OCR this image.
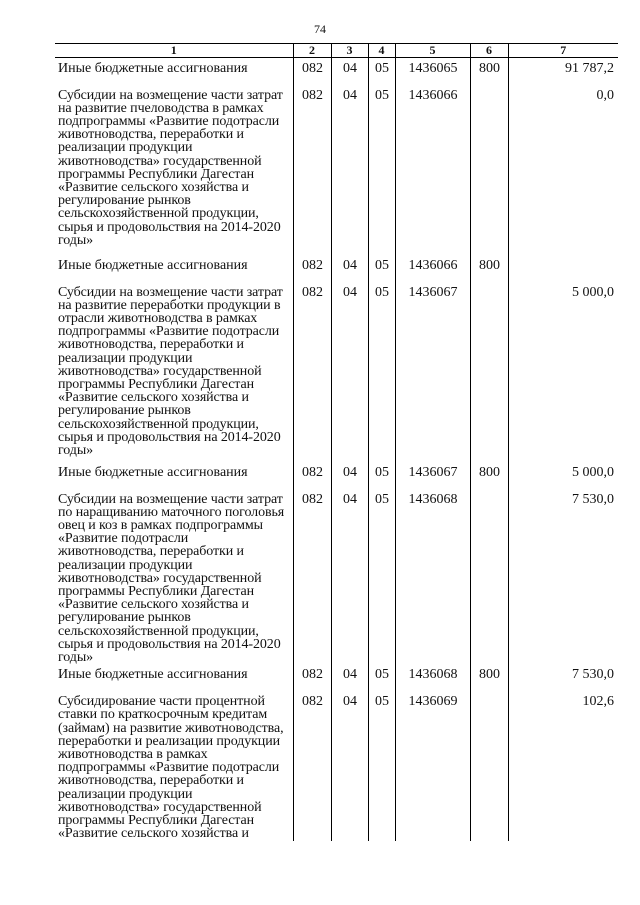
74
1	2	3	4	5	6	7
Иные бюджетные ассигнования	082	04	05	1436065	800	91 787,2
Субсидии на возмещение части затрат на развитие пчеловодства в рамках подпрограммы «Развитие подотрасли животноводства, переработки и реализации продукции животноводства» государственной программы Республики Дагестан «Развитие сельского хозяйства и регулирование рынков сельскохозяйственной продукции, сырья и продовольствия на 2014-2020 годы»	082	04	05	1436066		0,0
Иные бюджетные ассигнования	082	04	05	1436066	800	
Субсидии на возмещение части затрат на развитие переработки продукции в отрасли животноводства в рамках подпрограммы «Развитие подотрасли животноводства, переработки и реализации продукции животноводства» государственной программы Республики Дагестан «Развитие сельского хозяйства и регулирование рынков сельскохозяйственной продукции, сырья и продовольствия на 2014-2020 годы»	082	04	05	1436067		5 000,0
Иные бюджетные ассигнования	082	04	05	1436067	800	5 000,0
Субсидии на возмещение части затрат по наращиванию маточного поголовья овец и коз в рамках подпрограммы «Развитие подотрасли животноводства, переработки и реализации продукции животноводства» государственной программы Республики Дагестан «Развитие сельского хозяйства и регулирование рынков сельскохозяйственной продукции, сырья и продовольствия на 2014-2020 годы»	082	04	05	1436068		7 530,0
Иные бюджетные ассигнования	082	04	05	1436068	800	7 530,0
Субсидирование части процентной ставки по краткосрочным кредитам (займам) на развитие животноводства, переработки и реализации продукции животноводства в рамках подпрограммы «Развитие подотрасли животноводства, переработки и реализации продукции животноводства» государственной программы Республики Дагестан «Развитие сельского хозяйства и	082	04	05	1436069		102,6
